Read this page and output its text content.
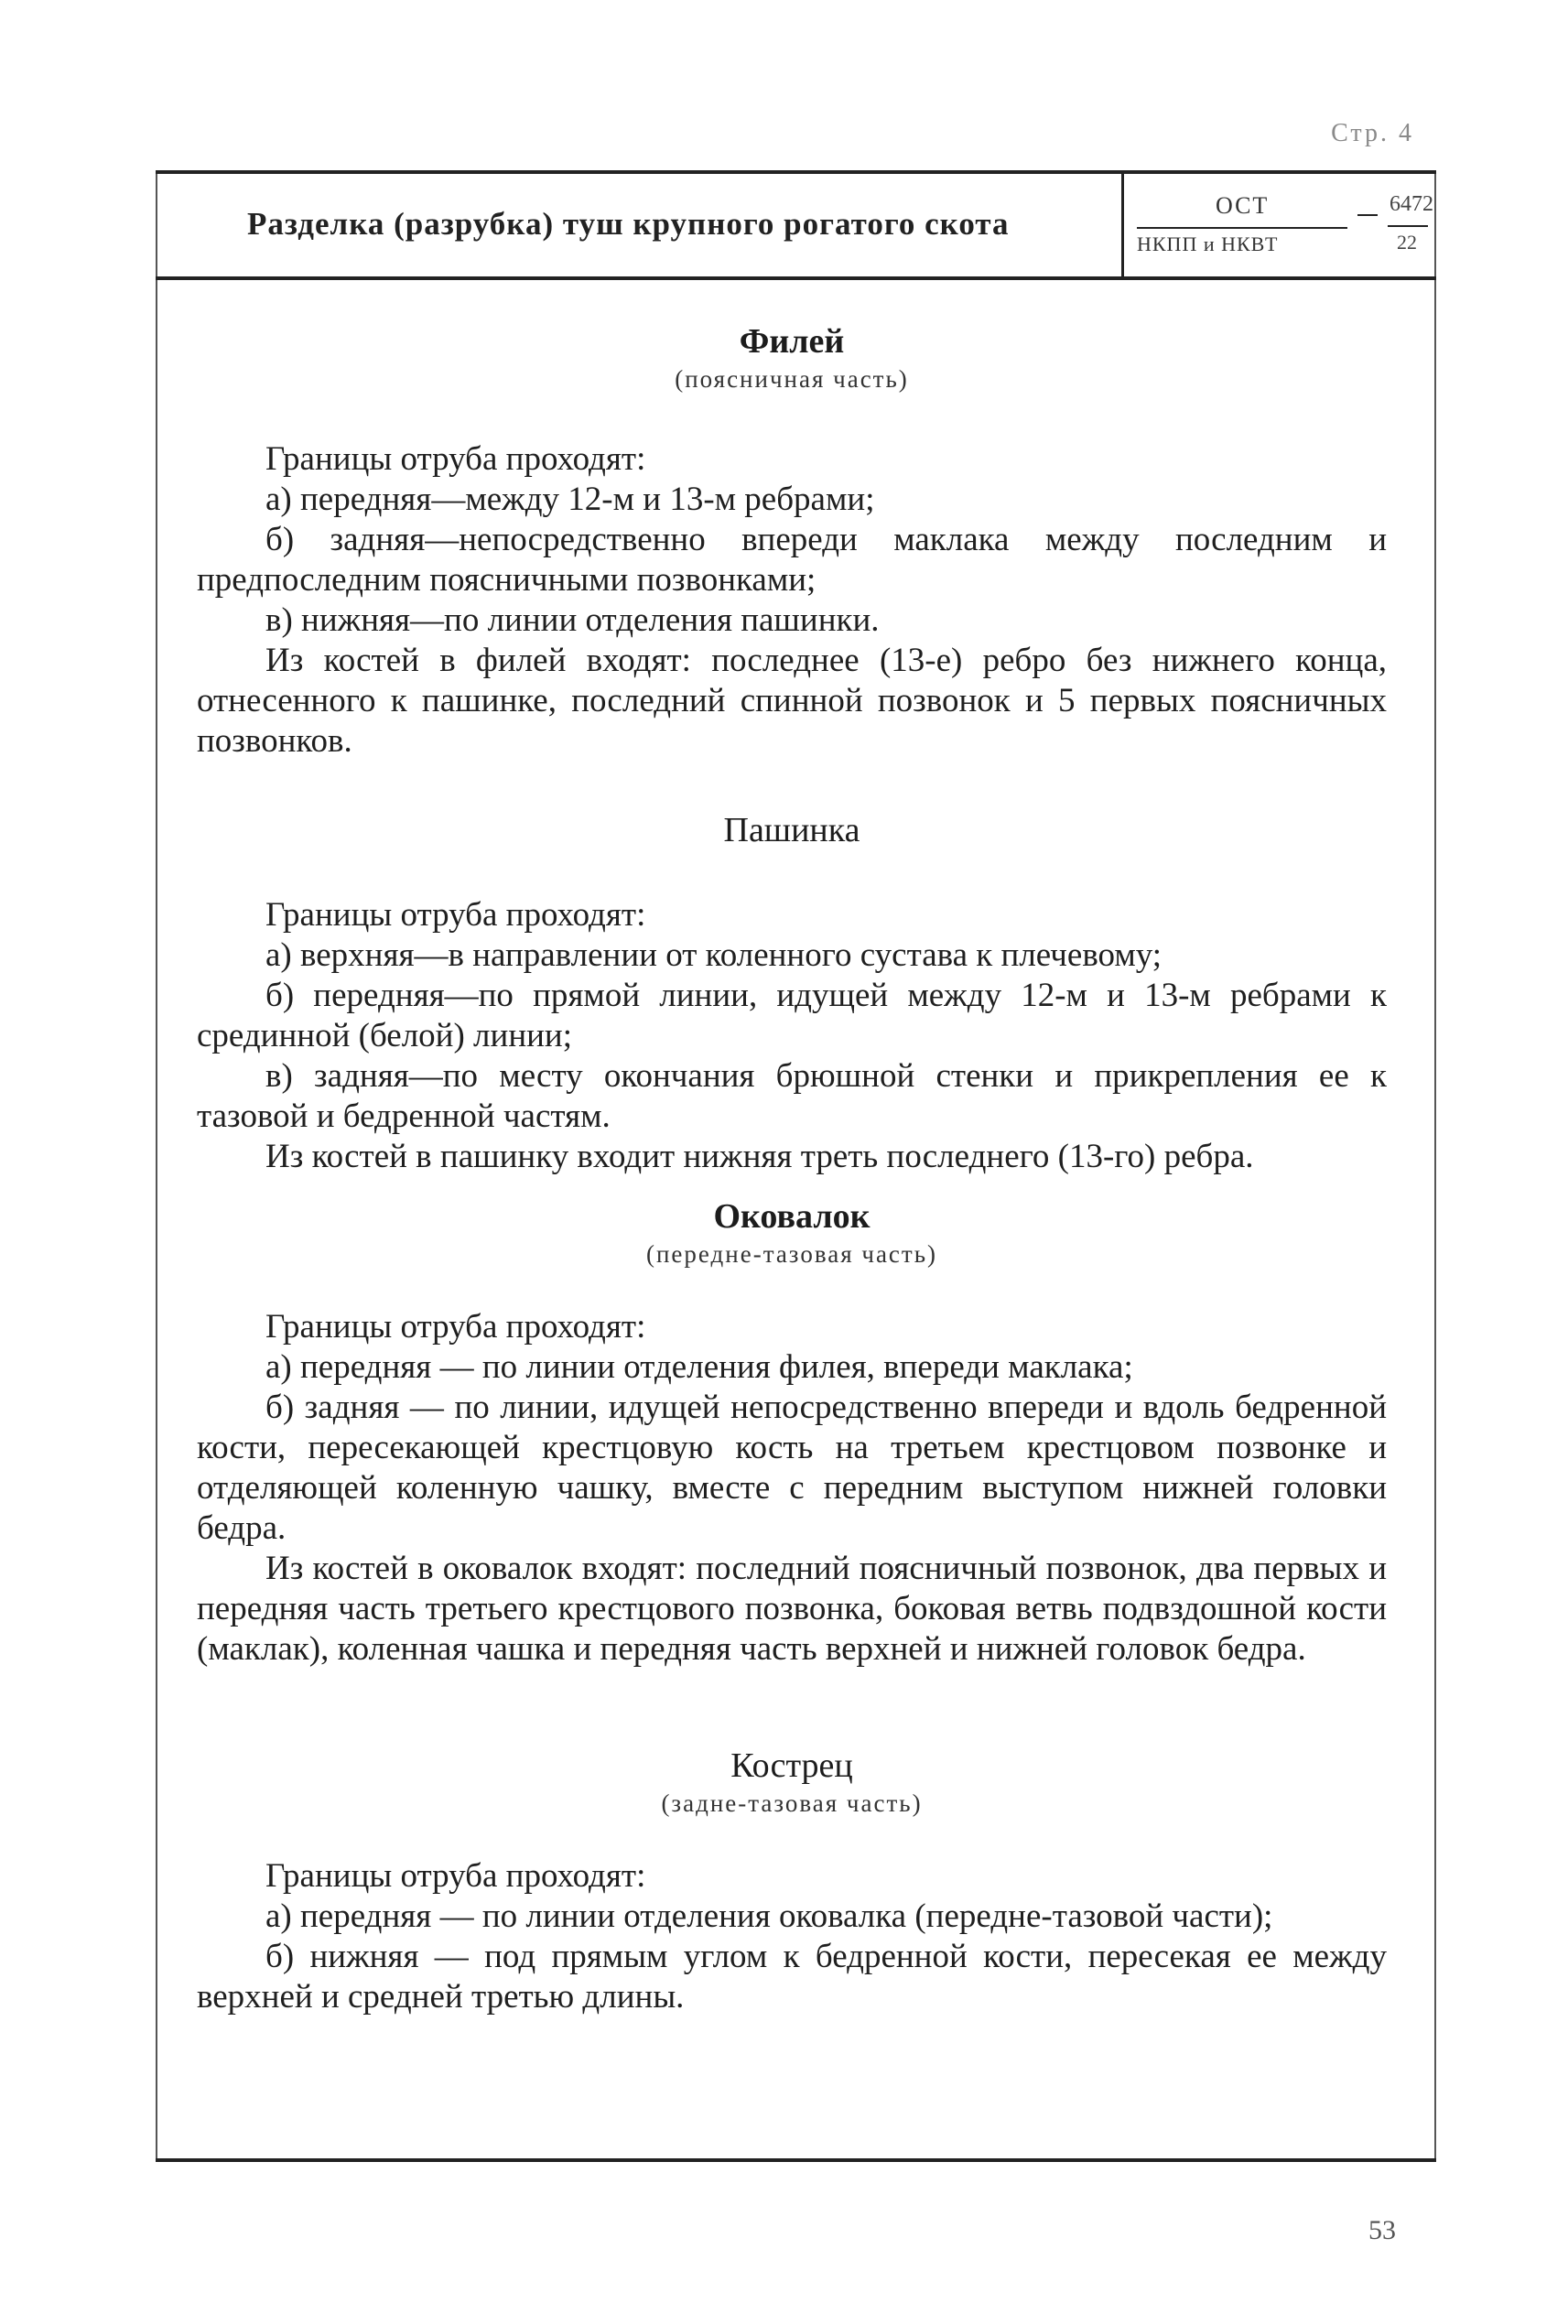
Стр. 4
Разделка (разрубка) туш крупного рогатого скота
ОСТ
НКПП и НКВТ
6472
22
Филей
(поясничная часть)
Границы отруба проходят:
а) передняя—между 12-м и 13-м ребрами;
б) задняя—непосредственно впереди маклака между последним и предпоследним поясничными позвонками;
в) нижняя—по линии отделения пашинки.
Из костей в филей входят: последнее (13-е) ребро без нижнего конца, отнесенного к пашинке, последний спинной позвонок и 5 первых поясничных позвонков.
Пашинка
Границы отруба проходят:
а) верхняя—в направлении от коленного сустава к плечевому;
б) передняя—по прямой линии, идущей между 12-м и 13-м ребрами к срединной (белой) линии;
в) задняя—по месту окончания брюшной стенки и прикрепления ее к тазовой и бедренной частям.
Из костей в пашинку входит нижняя треть последнего (13-го) ребра.
Оковалок
(передне-тазовая часть)
Границы отруба проходят:
а) передняя — по линии отделения филея, впереди маклака;
б) задняя — по линии, идущей непосредственно впереди и вдоль бедренной кости, пересекающей крестцовую кость на третьем крестцовом позвонке и отделяющей коленную чашку, вместе с передним выступом нижней головки бедра.
Из костей в оковалок входят: последний поясничный позвонок, два первых и передняя часть третьего крестцового позвонка, боковая ветвь подвздошной кости (маклак), коленная чашка и передняя часть верхней и нижней головок бедра.
Кострец
(задне-тазовая часть)
Границы отруба проходят:
а) передняя — по линии отделения оковалка (передне-тазовой части);
б) нижняя — под прямым углом к бедренной кости, пересекая ее между верхней и средней третью длины.
53
